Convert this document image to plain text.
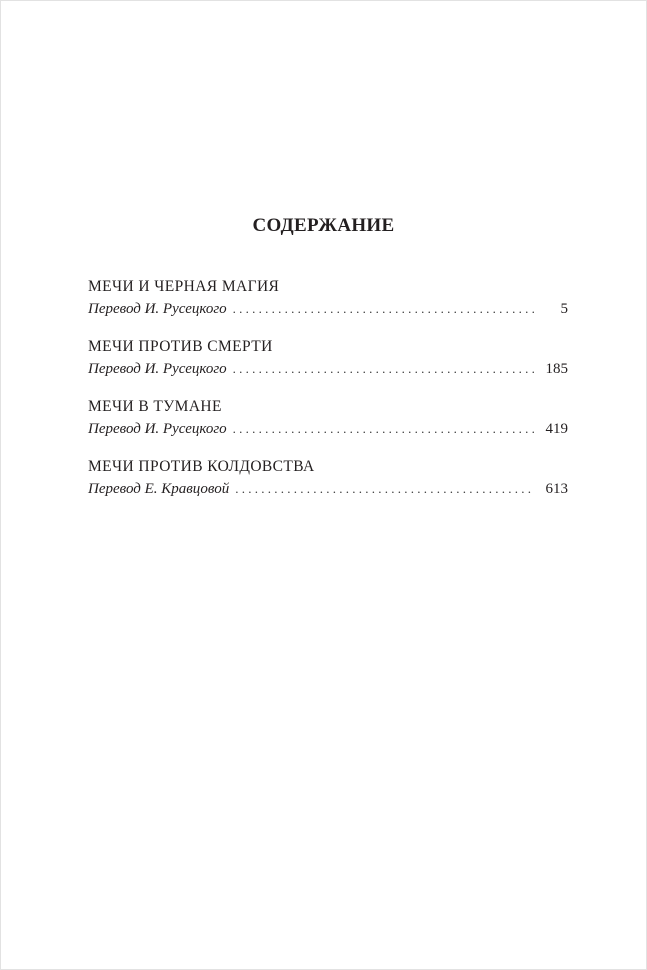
СОДЕРЖАНИЕ
МЕЧИ И ЧЕРНАЯ МАГИЯ
Перевод И. Русецкого . . .	5
МЕЧИ ПРОТИВ СМЕРТИ
Перевод И. Русецкого . . .	185
МЕЧИ В ТУМАНЕ
Перевод И. Русецкого . . .	419
МЕЧИ ПРОТИВ КОЛДОВСТВА
Перевод Е. Кравцовой . . .	613
